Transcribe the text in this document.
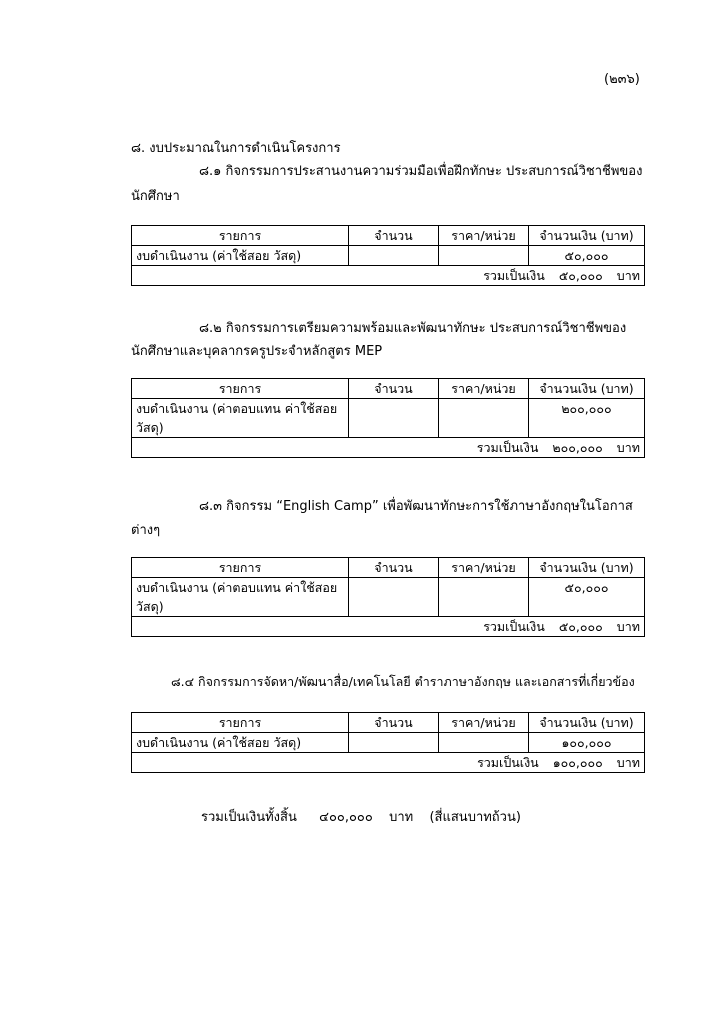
(๒๓๖)
๘. งบประมาณในการดำเนินโครงการ
๘.๑ กิจกรรมการประสานงานความร่วมมือเพื่อฝึกทักษะ ประสบการณ์วิชาชีพของ
นักศึกษา
รายการ	จำนวน	ราคา/หน่วย	จำนวนเงิน (บาท)
งบดำเนินงาน (ค่าใช้สอย วัสดุ)			๕๐,๐๐๐
รวมเป็นเงิน ๕๐,๐๐๐ บาท			
๘.๒ กิจกรรมการเตรียมความพร้อมและพัฒนาทักษะ ประสบการณ์วิชาชีพของ
นักศึกษาและบุคลากรครูประจำหลักสูตร MEP
รายการ	จำนวน	ราคา/หน่วย	จำนวนเงิน (บาท)
งบดำเนินงาน (ค่าตอบแทน ค่าใช้สอย วัสดุ)			๒๐๐,๐๐๐
รวมเป็นเงิน ๒๐๐,๐๐๐ บาท			
๘.๓ กิจกรรม “English Camp” เพื่อพัฒนาทักษะการใช้ภาษาอังกฤษในโอกาส
ต่างๆ
รายการ	จำนวน	ราคา/หน่วย	จำนวนเงิน (บาท)
งบดำเนินงาน (ค่าตอบแทน ค่าใช้สอย วัสดุ)			๕๐,๐๐๐
รวมเป็นเงิน ๕๐,๐๐๐ บาท			
๘.๔ กิจกรรมการจัดหา/พัฒนาสื่อ/เทคโนโลยี ตำราภาษาอังกฤษ และเอกสารที่เกี่ยวข้อง
รายการ	จำนวน	ราคา/หน่วย	จำนวนเงิน (บาท)
งบดำเนินงาน (ค่าใช้สอย วัสดุ)			๑๐๐,๐๐๐
รวมเป็นเงิน ๑๐๐,๐๐๐ บาท			
รวมเป็นเงินทั้งสิ้น ๔๐๐,๐๐๐ บาท (สี่แสนบาทถ้วน)
